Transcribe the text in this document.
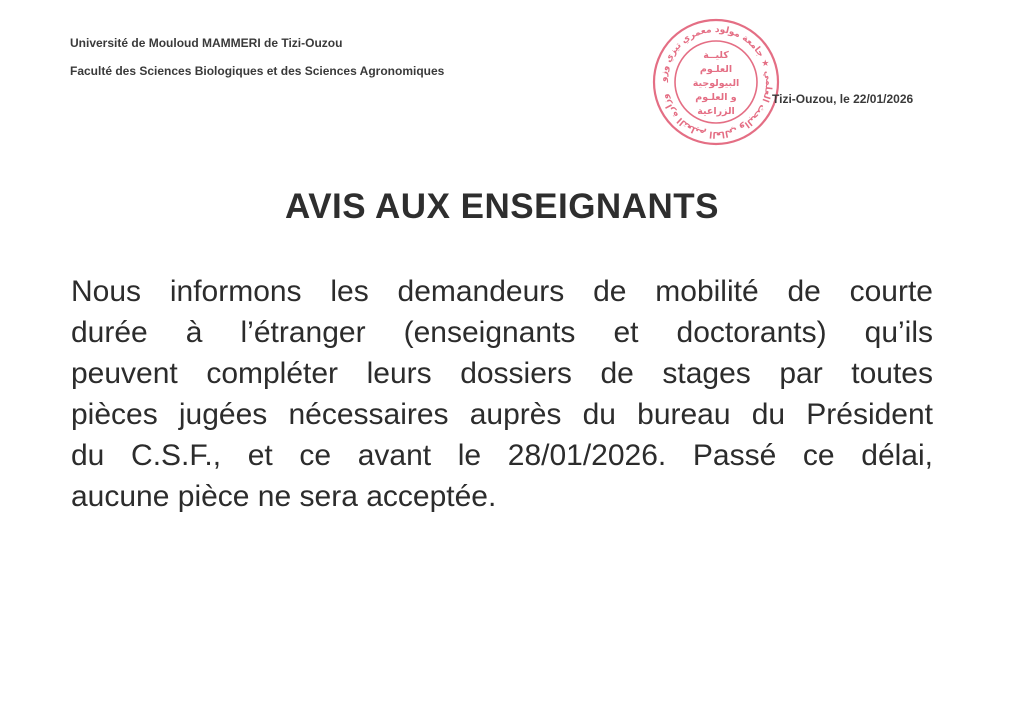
Université de Mouloud MAMMERI de Tizi-Ouzou
Faculté des Sciences Biologiques et des Sciences Agronomiques
وزارة التعليم العالي والبحث العلمي ★ جامعة مولود معمري تيزي وزو
كليــة
العلـوم
البيولوجية
و العلـوم
الزراعية
Tizi-Ouzou, le 22/01/2026
AVIS AUX ENSEIGNANTS
Nous informons les demandeurs de mobilité de courte
durée à l’étranger (enseignants et doctorants) qu’ils
peuvent compléter leurs dossiers de stages par toutes
pièces jugées nécessaires auprès du bureau du Président
du C.S.F., et ce avant le 28/01/2026. Passé ce délai,
aucune pièce ne sera acceptée.
